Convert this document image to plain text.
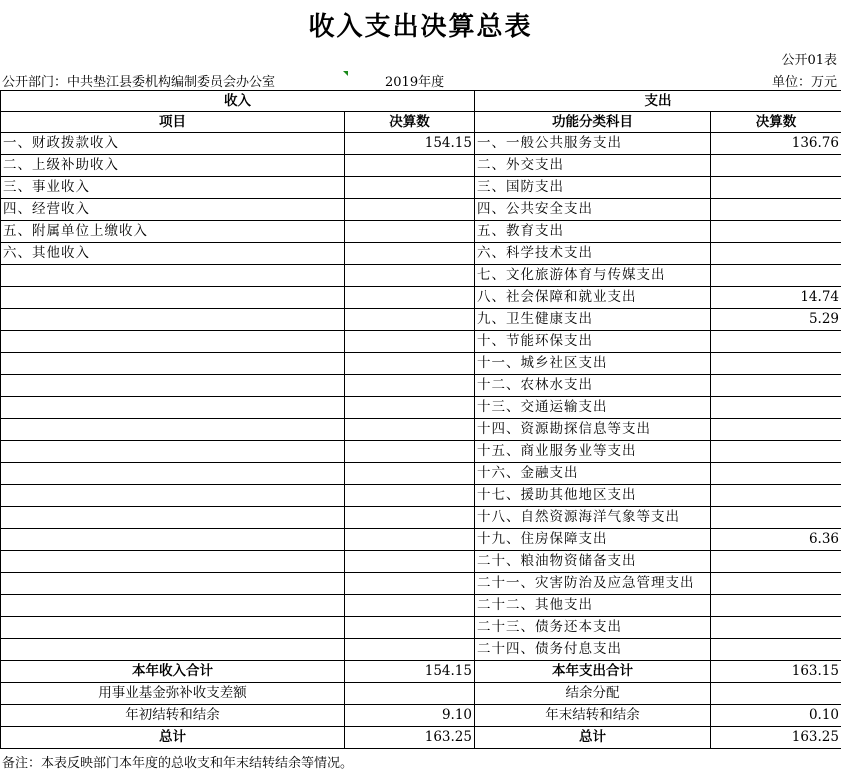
收入支出决算总表
公开01表
公开部门：中共垫江县委机构编制委员会办公室	2019年度	单位：万元
收入		支出	
项目	决算数	功能分类科目	决算数
一、财政拨款收入	154.15	一、一般公共服务支出	136.76
二、上级补助收入		二、外交支出	
三、事业收入		三、国防支出	
四、经营收入		四、公共安全支出	
五、附属单位上缴收入		五、教育支出	
六、其他收入		六、科学技术支出	
		七、文化旅游体育与传媒支出	
		八、社会保障和就业支出	14.74
		九、卫生健康支出	5.29
		十、节能环保支出	
		十一、城乡社区支出	
		十二、农林水支出	
		十三、交通运输支出	
		十四、资源勘探信息等支出	
		十五、商业服务业等支出	
		十六、金融支出	
		十七、援助其他地区支出	
		十八、自然资源海洋气象等支出	
		十九、住房保障支出	6.36
		二十、粮油物资储备支出	
		二十一、灾害防治及应急管理支出	
		二十二、其他支出	
		二十三、债务还本支出	
		二十四、债务付息支出	
本年收入合计	154.15	本年支出合计	163.15
用事业基金弥补收支差额		结余分配	
年初结转和结余	9.10	年末结转和结余	0.10
总计	163.25	总计	163.25
备注：本表反映部门本年度的总收支和年末结转结余等情况。
